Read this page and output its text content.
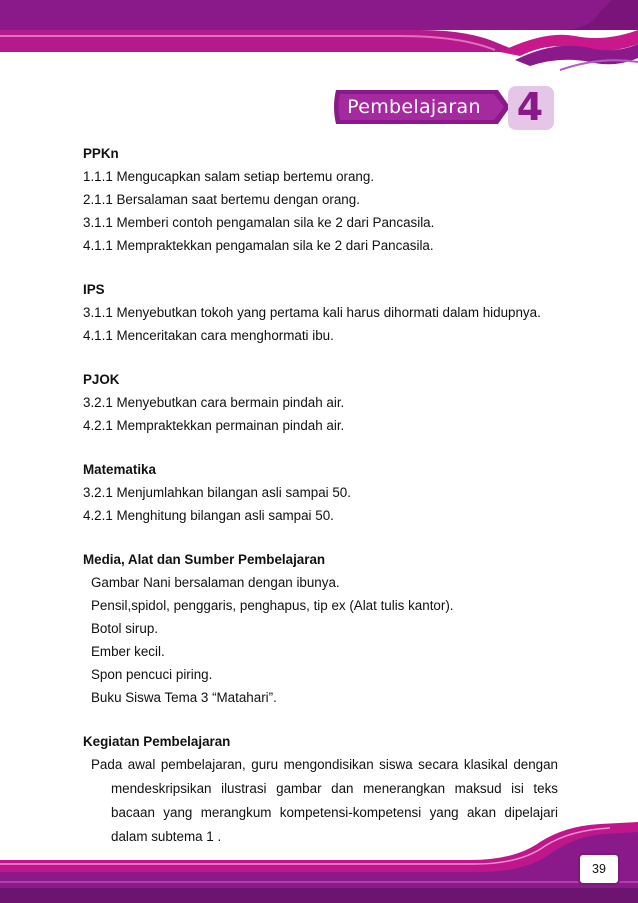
Pembelajaran 4

PPKn

1.1.1 Mengucapkan salam setiap bertemu orang.

2.1.1 Bersalaman saat bertemu dengan orang.

3.1.1 Memberi contoh pengamalan sila ke 2 dari Pancasila.

4.1.1 Mempraktekkan pengamalan sila ke 2 dari Pancasila.

IPS

3.1.1 Menyebutkan tokoh yang pertama kali harus dihormati dalam hidupnya.

4.1.1 Menceritakan cara menghormati ibu.

PJOK

3.2.1 Menyebutkan cara bermain pindah air.

4.2.1 Mempraktekkan permainan pindah air.

Matematika

3.2.1 Menjumlahkan bilangan asli sampai 50.

4.2.1 Menghitung bilangan asli sampai 50.

Media, Alat dan Sumber Pembelajaran

Gambar Nani bersalaman dengan ibunya.

Pensil,spidol, penggaris, penghapus, tip ex (Alat tulis kantor).

Botol sirup.

Ember kecil.

Spon pencuci piring.

Buku Siswa Tema 3 “Matahari”.

Kegiatan Pembelajaran

Pada awal pembelajaran, guru mengondisikan siswa secara klasikal dengan mendeskripsikan ilustrasi gambar dan menerangkan maksud isi teks bacaan yang merangkum kompetensi-kompetensi yang akan dipelajari dalam subtema 1 .

39
